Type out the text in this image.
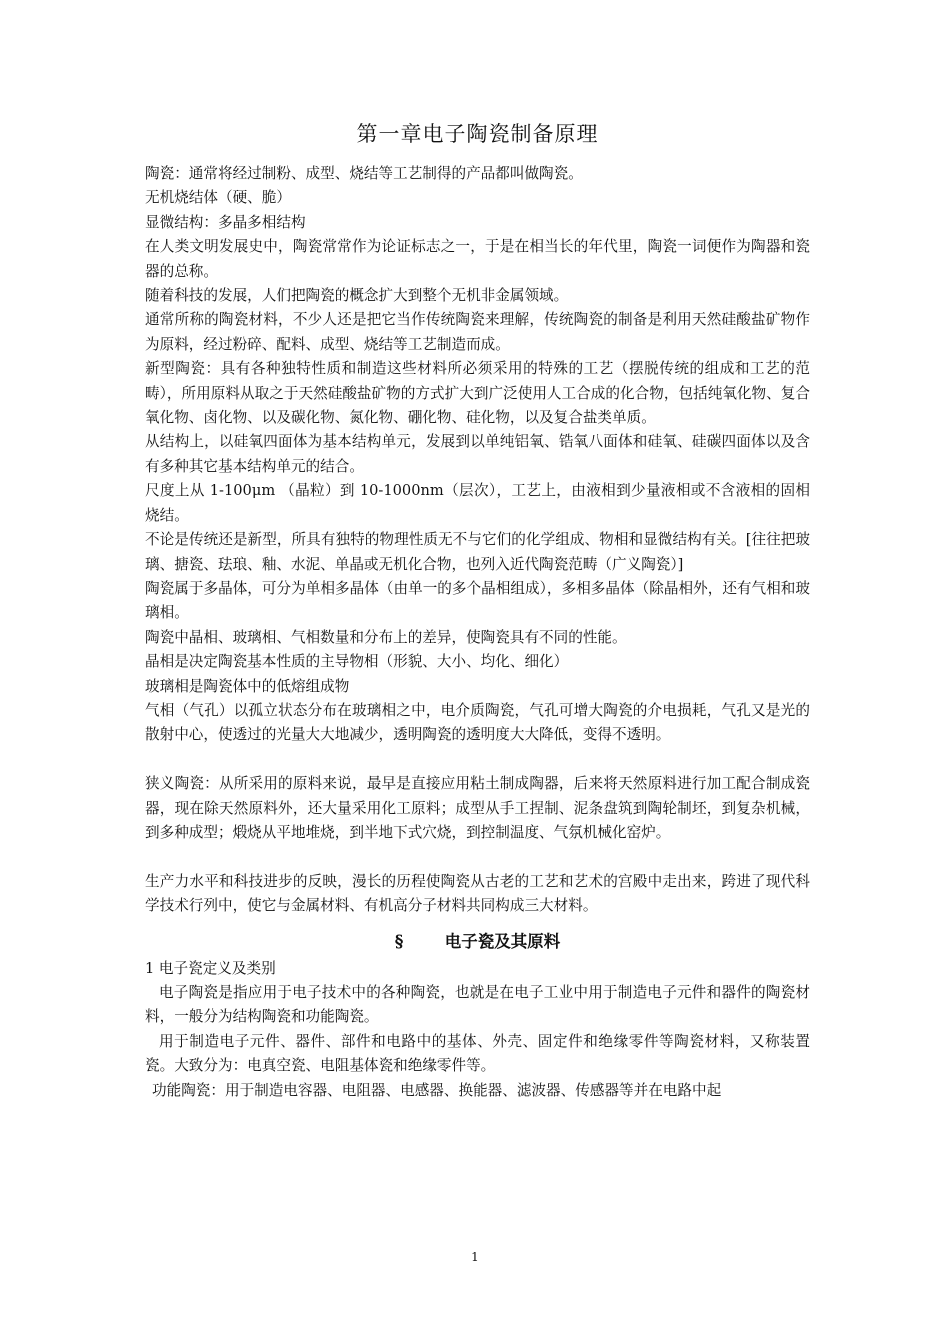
第一章电子陶瓷制备原理

陶瓷：通常将经过制粉、成型、烧结等工艺制得的产品都叫做陶瓷。

无机烧结体（硬、脆）

显微结构：多晶多相结构

在人类文明发展史中，陶瓷常常作为论证标志之一，于是在相当长的年代里，陶瓷一词便作为陶器和瓷器的总称。

随着科技的发展，人们把陶瓷的概念扩大到整个无机非金属领域。

通常所称的陶瓷材料，不少人还是把它当作传统陶瓷来理解，传统陶瓷的制备是利用天然硅酸盐矿物作为原料，经过粉碎、配料、成型、烧结等工艺制造而成。

新型陶瓷：具有各种独特性质和制造这些材料所必须采用的特殊的工艺（摆脱传统的组成和工艺的范畴），所用原料从取之于天然硅酸盐矿物的方式扩大到广泛使用人工合成的化合物，包括纯氧化物、复合氧化物、卤化物、以及碳化物、氮化物、硼化物、硅化物，以及复合盐类单质。

从结构上，以硅氧四面体为基本结构单元，发展到以单纯铝氧、锆氧八面体和硅氧、硅碳四面体以及含有多种其它基本结构单元的结合。

尺度上从 1-100μm （晶粒）到 10-1000nm（层次），工艺上，由液相到少量液相或不含液相的固相烧结。

不论是传统还是新型，所具有独特的物理性质无不与它们的化学组成、物相和显微结构有关。[往往把玻璃、搪瓷、珐琅、釉、水泥、单晶或无机化合物，也列入近代陶瓷范畴（广义陶瓷）]

陶瓷属于多晶体，可分为单相多晶体（由单一的多个晶相组成），多相多晶体（除晶相外，还有气相和玻璃相。

陶瓷中晶相、玻璃相、气相数量和分布上的差异，使陶瓷具有不同的性能。

晶相是决定陶瓷基本性质的主导物相（形貌、大小、均化、细化）

玻璃相是陶瓷体中的低熔组成物

气相（气孔）以孤立状态分布在玻璃相之中，电介质陶瓷，气孔可增大陶瓷的介电损耗，气孔又是光的散射中心，使透过的光量大大地减少，透明陶瓷的透明度大大降低，变得不透明。

狭义陶瓷：从所采用的原料来说，最早是直接应用粘土制成陶器，后来将天然原料进行加工配合制成瓷器，现在除天然原料外，还大量采用化工原料；成型从手工捏制、泥条盘筑到陶轮制坯，到复杂机械，到多种成型；煅烧从平地堆烧，到半地下式穴烧，到控制温度、气氛机械化窑炉。

生产力水平和科技进步的反映，漫长的历程使陶瓷从古老的工艺和艺术的宫殿中走出来，跨进了现代科学技术行列中，使它与金属材料、有机高分子材料共同构成三大材料。

§	电子瓷及其原料

1 电子瓷定义及类别

电子陶瓷是指应用于电子技术中的各种陶瓷，也就是在电子工业中用于制造电子元件和器件的陶瓷材料，一般分为结构陶瓷和功能陶瓷。

用于制造电子元件、器件、部件和电路中的基体、外壳、固定件和绝缘零件等陶瓷材料，又称装置瓷。大致分为：电真空瓷、电阻基体瓷和绝缘零件等。

功能陶瓷：用于制造电容器、电阻器、电感器、换能器、滤波器、传感器等并在电路中起

1
